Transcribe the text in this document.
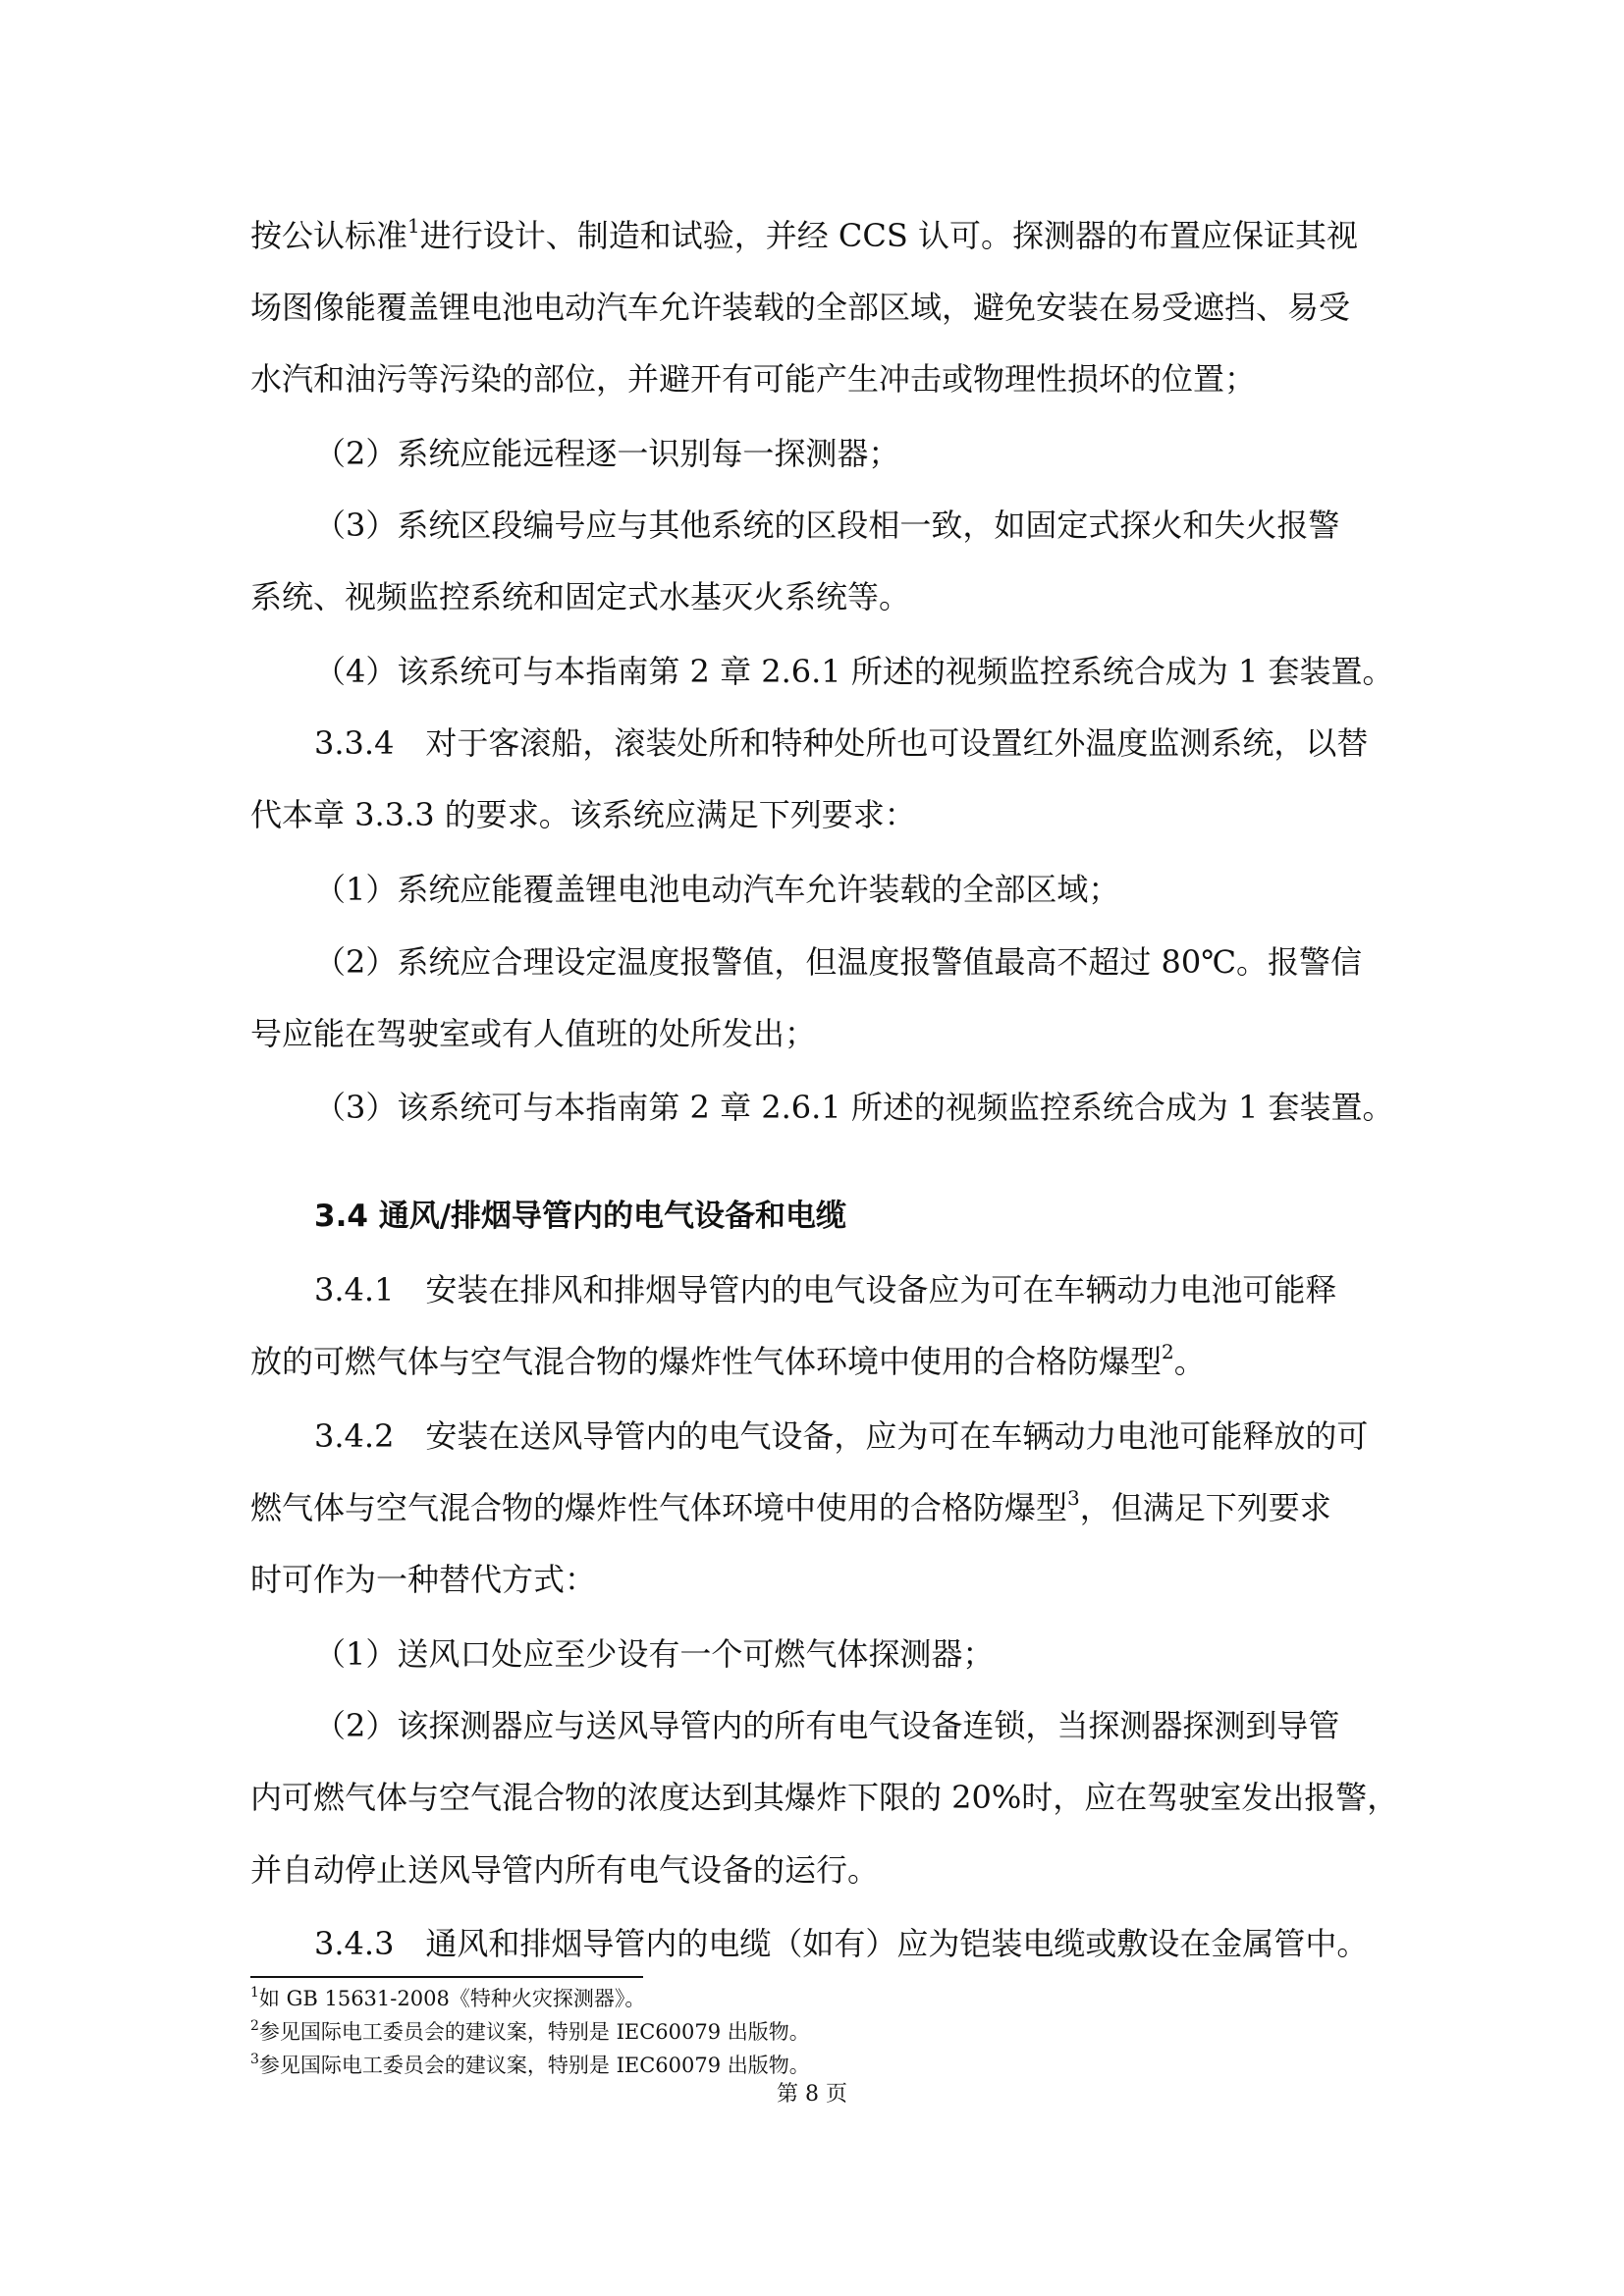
按公认标准$^1$进行设计、制造和试验，并经 CCS 认可。探测器的布置应保证其视
场图像能覆盖锂电池电动汽车允许装载的全部区域，避免安装在易受遮挡、易受
水汽和油污等污染的部位，并避开有可能产生冲击或物理性损坏的位置；
（2）系统应能远程逐一识别每一探测器；
（3）系统区段编号应与其他系统的区段相一致，如固定式探火和失火报警
系统、视频监控系统和固定式水基灭火系统等。
（4）该系统可与本指南第 2 章 2.6.1 所述的视频监控系统合成为 1 套装置。
3.3.4　对于客滚船，滚装处所和特种处所也可设置红外温度监测系统，以替
代本章 3.3.3 的要求。该系统应满足下列要求：
（1）系统应能覆盖锂电池电动汽车允许装载的全部区域；
（2）系统应合理设定温度报警值，但温度报警值最高不超过 80℃。报警信
号应能在驾驶室或有人值班的处所发出；
（3）该系统可与本指南第 2 章 2.6.1 所述的视频监控系统合成为 1 套装置。
3.4 通风/排烟导管内的电气设备和电缆
3.4.1　安装在排风和排烟导管内的电气设备应为可在车辆动力电池可能释
放的可燃气体与空气混合物的爆炸性气体环境中使用的合格防爆型$^2$。
3.4.2　安装在送风导管内的电气设备，应为可在车辆动力电池可能释放的可
燃气体与空气混合物的爆炸性气体环境中使用的合格防爆型$^3$，但满足下列要求
时可作为一种替代方式：
（1）送风口处应至少设有一个可燃气体探测器；
（2）该探测器应与送风导管内的所有电气设备连锁，当探测器探测到导管
内可燃气体与空气混合物的浓度达到其爆炸下限的 20%时，应在驾驶室发出报警，
并自动停止送风导管内所有电气设备的运行。
3.4.3　通风和排烟导管内的电缆（如有）应为铠装电缆或敷设在金属管中。
$^1$如 GB 15631-2008《特种火灾探测器》。
$^2$参见国际电工委员会的建议案，特别是 IEC60079 出版物。
$^3$参见国际电工委员会的建议案，特别是 IEC60079 出版物。
第 8 页
